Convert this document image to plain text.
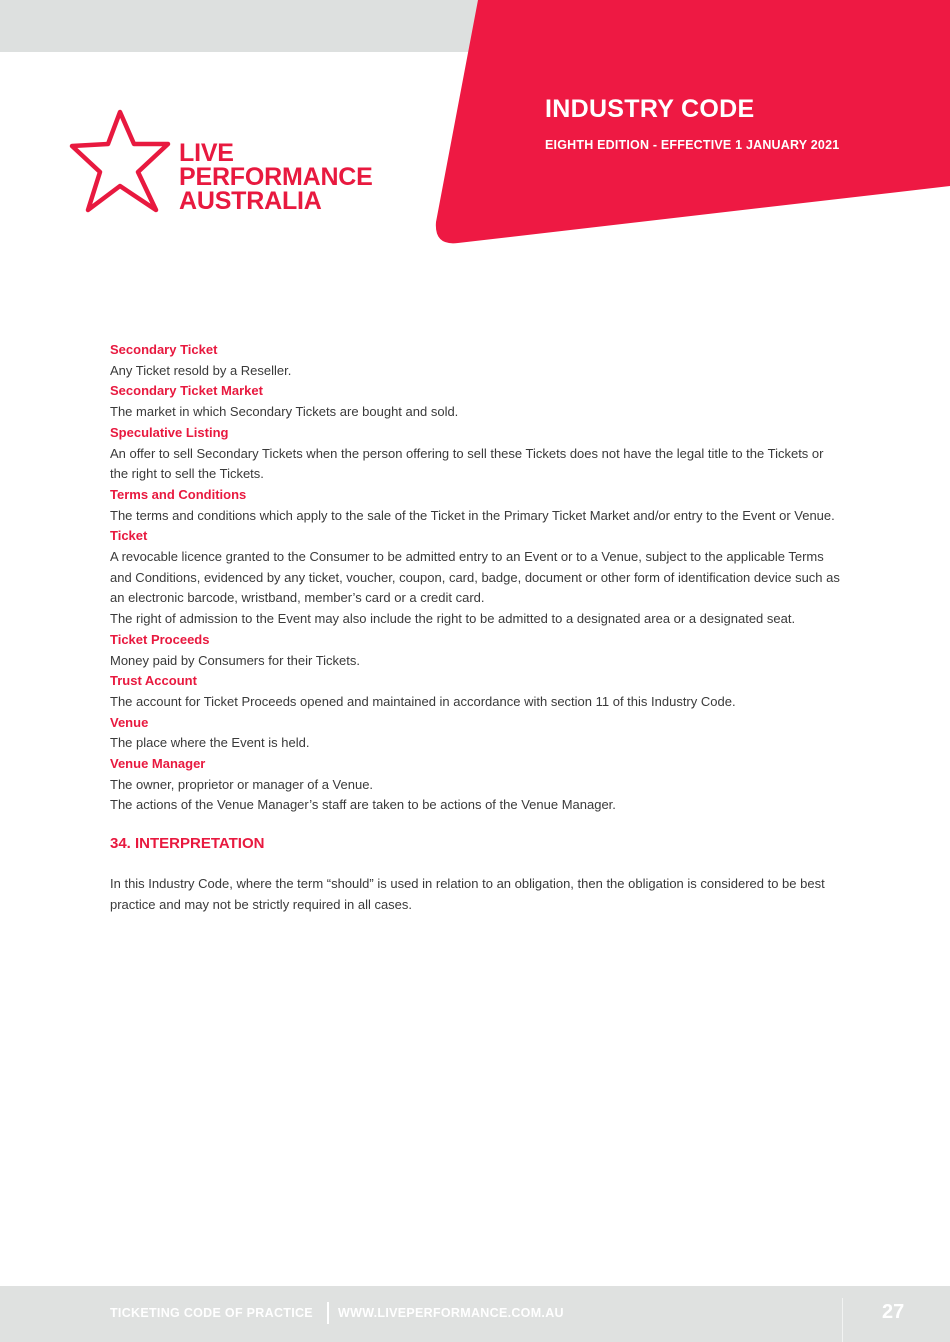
INDUSTRY CODE

EIGHTH EDITION - EFFECTIVE 1 JANUARY 2021

LIVE
PERFORMANCE
AUSTRALIA

Secondary Ticket

Any Ticket resold by a Reseller.

Secondary Ticket Market

The market in which Secondary Tickets are bought and sold.

Speculative Listing

An offer to sell Secondary Tickets when the person offering to sell these Tickets does not have the legal title to the Tickets or the right to sell the Tickets.

Terms and Conditions

The terms and conditions which apply to the sale of the Ticket in the Primary Ticket Market and/or entry to the Event or Venue.

Ticket

A revocable licence granted to the Consumer to be admitted entry to an Event or to a Venue, subject to the applicable Terms and Conditions, evidenced by any ticket, voucher, coupon, card, badge, document or other form of identification device such as an electronic barcode, wristband, member’s card or a credit card.

The right of admission to the Event may also include the right to be admitted to a designated area or a designated seat.

Ticket Proceeds

Money paid by Consumers for their Tickets.

Trust Account

The account for Ticket Proceeds opened and maintained in accordance with section 11 of this Industry Code.

Venue

The place where the Event is held.

Venue Manager

The owner, proprietor or manager of a Venue.

The actions of the Venue Manager’s staff are taken to be actions of the Venue Manager.

34. INTERPRETATION

In this Industry Code, where the term “should” is used in relation to an obligation, then the obligation is considered to be best practice and may not be strictly required in all cases.

TICKETING CODE OF PRACTICE WWW.LIVEPERFORMANCE.COM.AU	27
